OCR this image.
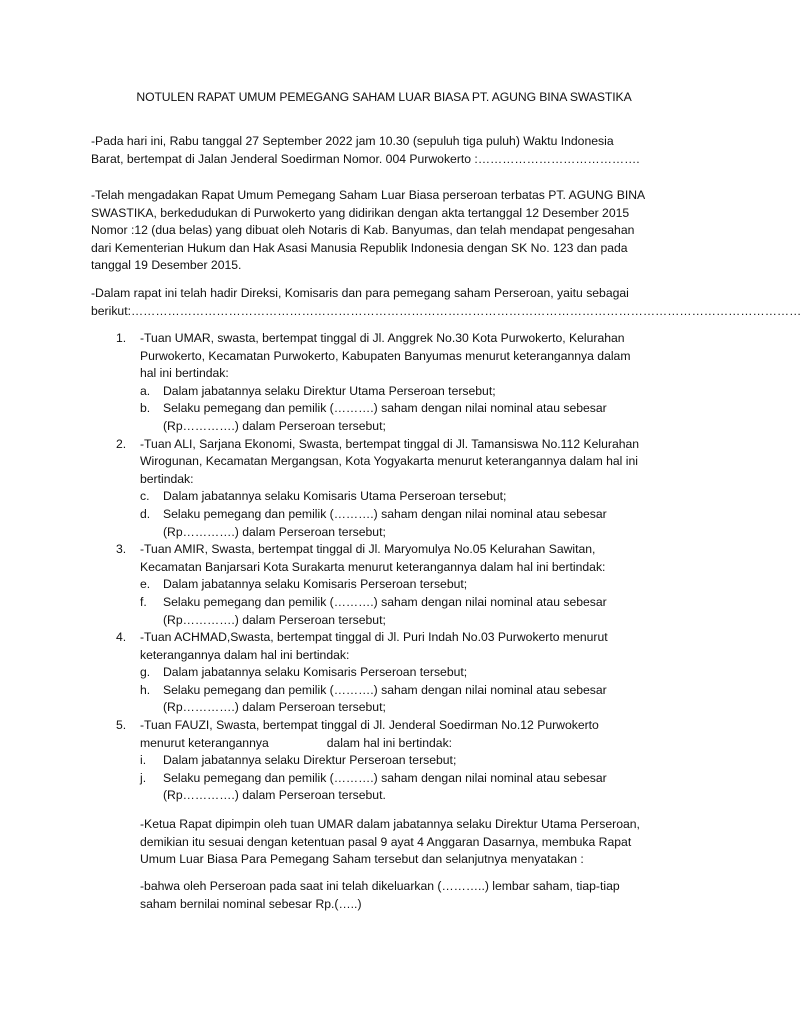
NOTULEN RAPAT UMUM PEMEGANG SAHAM LUAR BIASA PT. AGUNG BINA SWASTIKA
-Pada hari ini, Rabu tanggal 27 September 2022 jam 10.30 (sepuluh tiga puluh) Waktu Indonesia
Barat, bertempat di Jalan Jenderal Soedirman Nomor. 004 Purwokerto :………………………………….
-Telah mengadakan Rapat Umum Pemegang Saham Luar Biasa perseroan terbatas PT. AGUNG BINA
SWASTIKA, berkedudukan di Purwokerto yang didirikan dengan akta tertanggal 12 Desember 2015
Nomor :12 (dua belas) yang dibuat oleh Notaris di Kab. Banyumas, dan telah mendapat pengesahan
dari Kementerian Hukum dan Hak Asasi Manusia Republik Indonesia dengan SK No. 123 dan pada
tanggal 19 Desember 2015.
-Dalam rapat ini telah hadir Direksi, Komisaris dan para pemegang saham Perseroan, yaitu sebagai
berikut:…………………………………………………………………………………………………………………………………………………
1. -Tuan UMAR, swasta, bertempat tinggal di Jl. Anggrek No.30 Kota Purwokerto, Kelurahan
Purwokerto, Kecamatan Purwokerto, Kabupaten Banyumas menurut keterangannya dalam
hal ini bertindak:
a. Dalam jabatannya selaku Direktur Utama Perseroan tersebut;
b. Selaku pemegang dan pemilik (……….) saham dengan nilai nominal atau sebesar
(Rp………….) dalam Perseroan tersebut;
2. -Tuan ALI, Sarjana Ekonomi, Swasta, bertempat tinggal di Jl. Tamansiswa No.112 Kelurahan
Wirogunan, Kecamatan Mergangsan, Kota Yogyakarta menurut keterangannya dalam hal ini
bertindak:
c. Dalam jabatannya selaku Komisaris Utama Perseroan tersebut;
d. Selaku pemegang dan pemilik (……….) saham dengan nilai nominal atau sebesar
(Rp………….) dalam Perseroan tersebut;
3. -Tuan AMIR, Swasta, bertempat tinggal di Jl. Maryomulya No.05 Kelurahan Sawitan,
Kecamatan Banjarsari Kota Surakarta menurut keterangannya dalam hal ini bertindak:
e. Dalam jabatannya selaku Komisaris Perseroan tersebut;
f. Selaku pemegang dan pemilik (……….) saham dengan nilai nominal atau sebesar
(Rp………….) dalam Perseroan tersebut;
4. -Tuan ACHMAD,Swasta, bertempat tinggal di Jl. Puri Indah No.03 Purwokerto menurut
keterangannya dalam hal ini bertindak:
g. Dalam jabatannya selaku Komisaris Perseroan tersebut;
h. Selaku pemegang dan pemilik (……….) saham dengan nilai nominal atau sebesar
(Rp………….) dalam Perseroan tersebut;
5. -Tuan FAUZI, Swasta, bertempat tinggal di Jl. Jenderal Soedirman No.12 Purwokerto
menurut keterangannya	dalam hal ini bertindak:
i. Dalam jabatannya selaku Direktur Perseroan tersebut;
j. Selaku pemegang dan pemilik (……….) saham dengan nilai nominal atau sebesar
(Rp………….) dalam Perseroan tersebut.
-Ketua Rapat dipimpin oleh tuan UMAR dalam jabatannya selaku Direktur Utama Perseroan,
demikian itu sesuai dengan ketentuan pasal 9 ayat 4 Anggaran Dasarnya, membuka Rapat
Umum Luar Biasa Para Pemegang Saham tersebut dan selanjutnya menyatakan :
-bahwa oleh Perseroan pada saat ini telah dikeluarkan (………..) lembar saham, tiap-tiap
saham bernilai nominal sebesar Rp.(…..)
